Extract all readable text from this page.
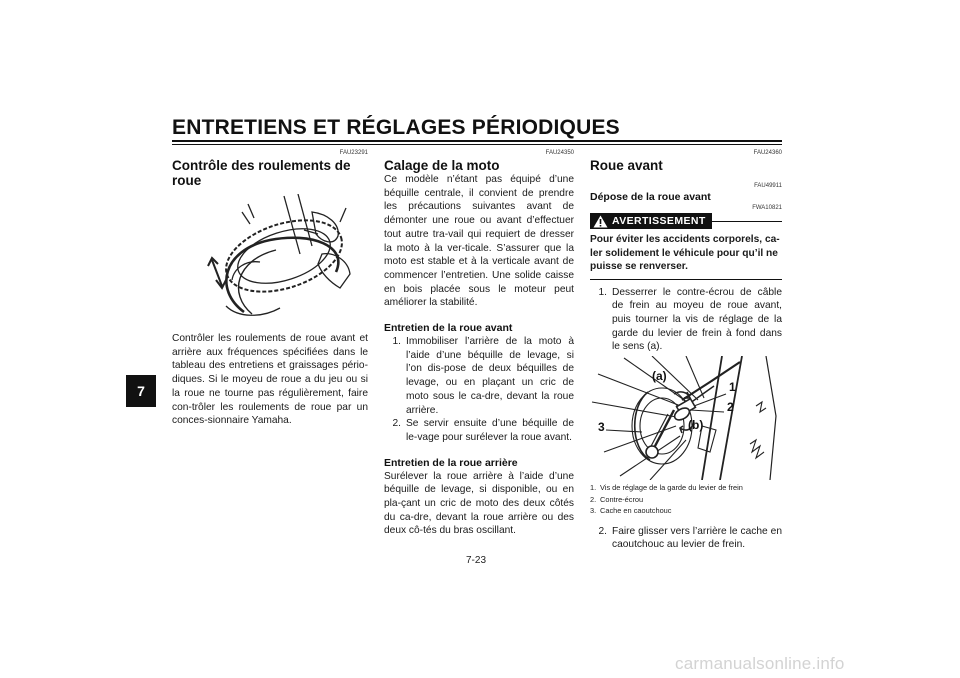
ENTRETIENS ET RÉGLAGES PÉRIODIQUES
7
FAU23291
Contrôle des roulements de roue
Contrôler les roulements de roue avant et arrière aux fréquences spécifiées dans le tableau des entretiens et graissages pério-diques. Si le moyeu de roue a du jeu ou si la roue ne tourne pas régulièrement, faire con-trôler les roulements de roue par un conces-sionnaire Yamaha.
FAU24350
Calage de la moto
Ce modèle n’étant pas équipé d’une béquille centrale, il convient de prendre les précautions suivantes avant de démonter une roue ou avant d’effectuer tout autre tra-vail qui requiert de dresser la moto à la ver-ticale. S’assurer que la moto est stable et à la verticale avant de commencer l’entretien. Une solide caisse en bois placée sous le moteur peut améliorer la stabilité.
Entretien de la roue avant
1. Immobiliser l’arrière de la moto à l’aide d’une béquille de levage, si l’on dis-pose de deux béquilles de levage, ou en plaçant un cric de moto sous le ca-dre, devant la roue arrière.
2. Se servir ensuite d’une béquille de le-vage pour surélever la roue avant.
Entretien de la roue arrière
Surélever la roue arrière à l’aide d’une béquille de levage, si disponible, ou en pla-çant un cric de moto des deux côtés du ca-dre, devant la roue arrière ou des deux cô-tés du bras oscillant.
FAU24360
Roue avant
FAU49911
Dépose de la roue avant
FWA10821
AVERTISSEMENT
Pour éviter les accidents corporels, ca-ler solidement le véhicule pour qu’il ne puisse se renverser.
1. Desserrer le contre-écrou de câble de frein au moyeu de roue avant, puis tourner la vis de réglage de la garde du levier de frein à fond dans le sens (a).
(a)
(b)
1
2
3
1. Vis de réglage de la garde du levier de frein
2. Contre-écrou
3. Cache en caoutchouc
2. Faire glisser vers l’arrière le cache en caoutchouc au levier de frein.
7-23
carmanualsonline.info
